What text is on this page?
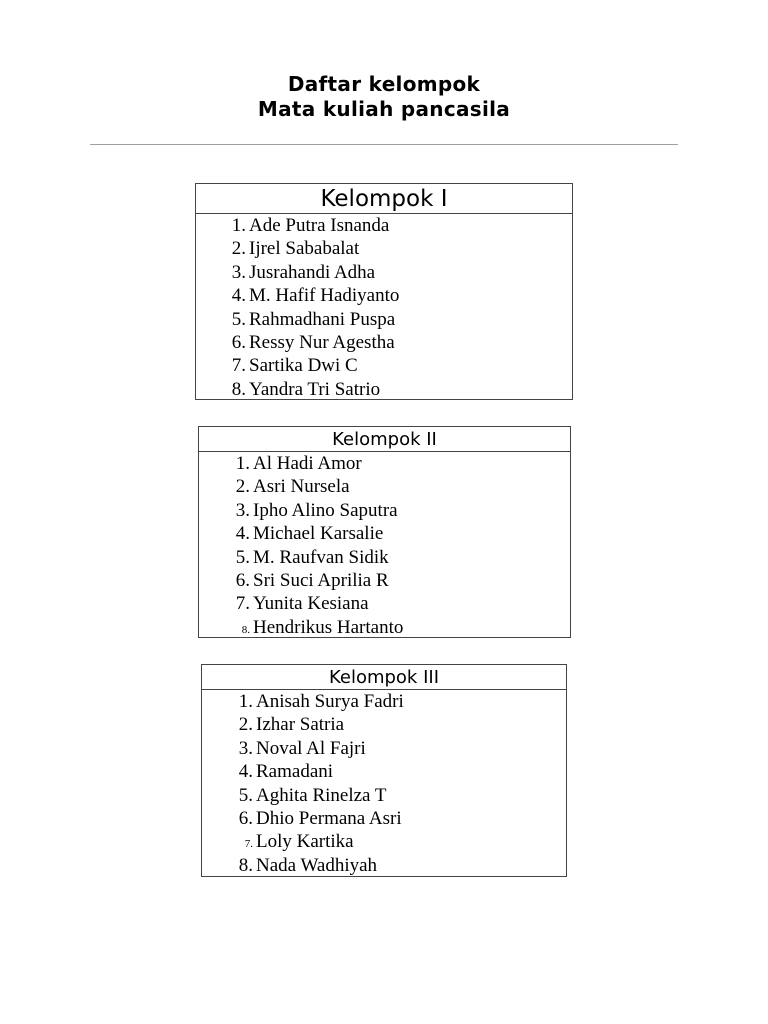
Daftar kelompok
Mata kuliah pancasila
Kelompok I
1. Ade Putra Isnanda
2. Ijrel Sababalat
3. Jusrahandi Adha
4. M. Hafif Hadiyanto
5. Rahmadhani Puspa
6. Ressy Nur Agestha
7. Sartika Dwi C
8. Yandra Tri Satrio
Kelompok II
1. Al Hadi Amor
2. Asri Nursela
3. Ipho Alino Saputra
4. Michael Karsalie
5. M. Raufvan Sidik
6. Sri Suci Aprilia R
7. Yunita Kesiana
8. Hendrikus Hartanto
Kelompok III
1. Anisah Surya Fadri
2. Izhar Satria
3. Noval Al Fajri
4. Ramadani
5. Aghita Rinelza T
6. Dhio Permana Asri
7. Loly Kartika
8. Nada Wadhiyah
